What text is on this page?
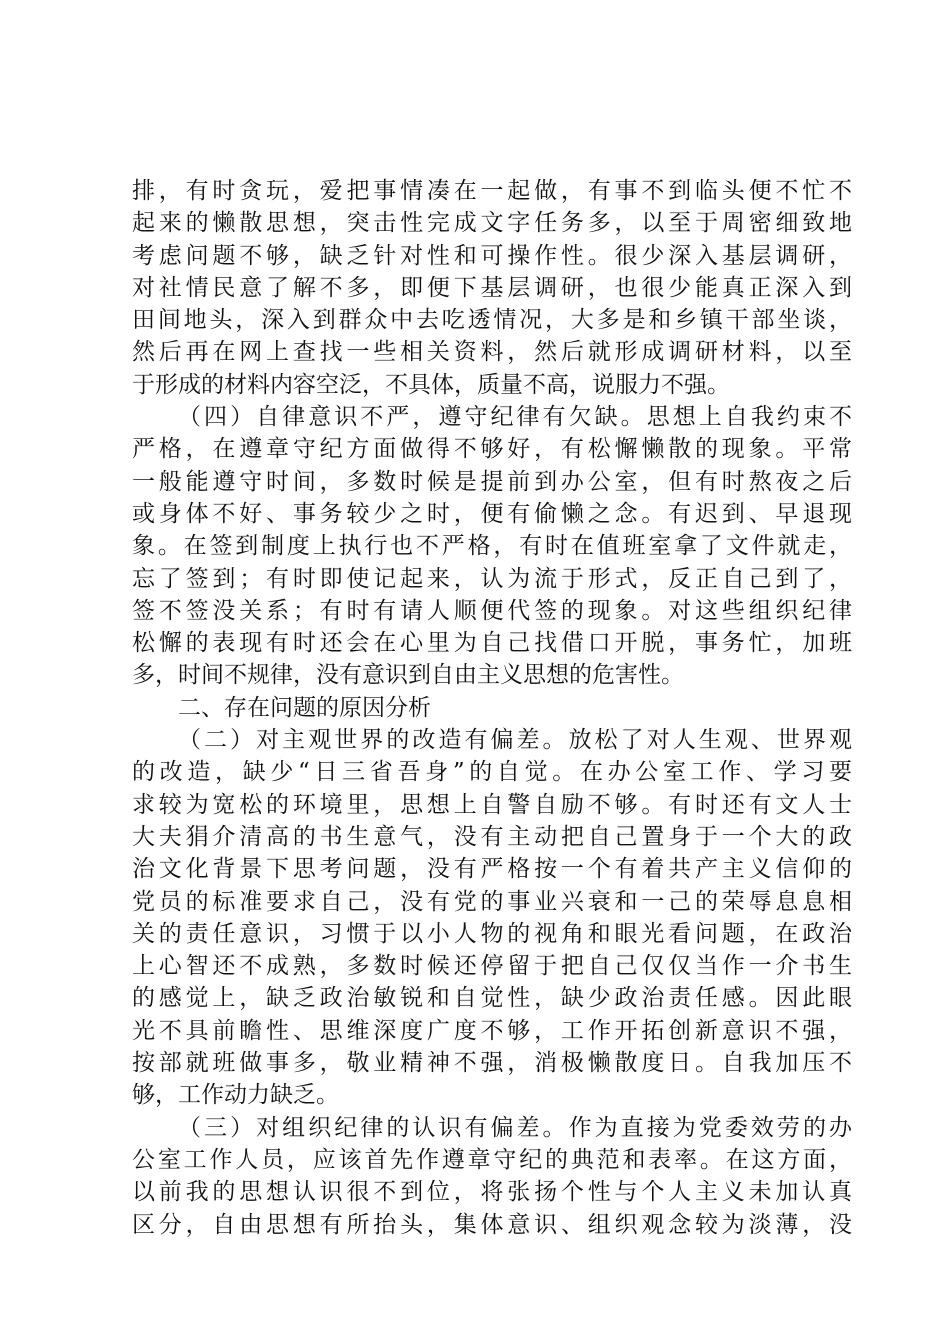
排，有时贪玩，爱把事情凑在一起做，有事不到临头便不忙不
起来的懒散思想，突击性完成文字任务多，以至于周密细致地
考虑问题不够，缺乏针对性和可操作性。很少深入基层调研，
对社情民意了解不多，即便下基层调研，也很少能真正深入到
田间地头，深入到群众中去吃透情况，大多是和乡镇干部坐谈，
然后再在网上查找一些相关资料，然后就形成调研材料，以至
于形成的材料内容空泛，不具体，质量不高，说服力不强。
（四）自律意识不严，遵守纪律有欠缺。思想上自我约束不
严格，在遵章守纪方面做得不够好，有松懈懒散的现象。平常
一般能遵守时间，多数时候是提前到办公室，但有时熬夜之后
或身体不好、事务较少之时，便有偷懒之念。有迟到、早退现
象。在签到制度上执行也不严格，有时在值班室拿了文件就走，
忘了签到；有时即使记起来，认为流于形式，反正自己到了，
签不签没关系；有时有请人顺便代签的现象。对这些组织纪律
松懈的表现有时还会在心里为自己找借口开脱，事务忙，加班
多，时间不规律，没有意识到自由主义思想的危害性。
二、存在问题的原因分析
（二）对主观世界的改造有偏差。放松了对人生观、世界观
的改造，缺少“日三省吾身”的自觉。在办公室工作、学习要
求较为宽松的环境里，思想上自警自励不够。有时还有文人士
大夫狷介清高的书生意气，没有主动把自己置身于一个大的政
治文化背景下思考问题，没有严格按一个有着共产主义信仰的
党员的标准要求自己，没有党的事业兴衰和一己的荣辱息息相
关的责任意识，习惯于以小人物的视角和眼光看问题，在政治
上心智还不成熟，多数时候还停留于把自己仅仅当作一介书生
的感觉上，缺乏政治敏锐和自觉性，缺少政治责任感。因此眼
光不具前瞻性、思维深度广度不够，工作开拓创新意识不强，
按部就班做事多，敬业精神不强，消极懒散度日。自我加压不
够，工作动力缺乏。
（三）对组织纪律的认识有偏差。作为直接为党委效劳的办
公室工作人员，应该首先作遵章守纪的典范和表率。在这方面，
以前我的思想认识很不到位，将张扬个性与个人主义未加认真
区分，自由思想有所抬头，集体意识、组织观念较为淡薄，没
